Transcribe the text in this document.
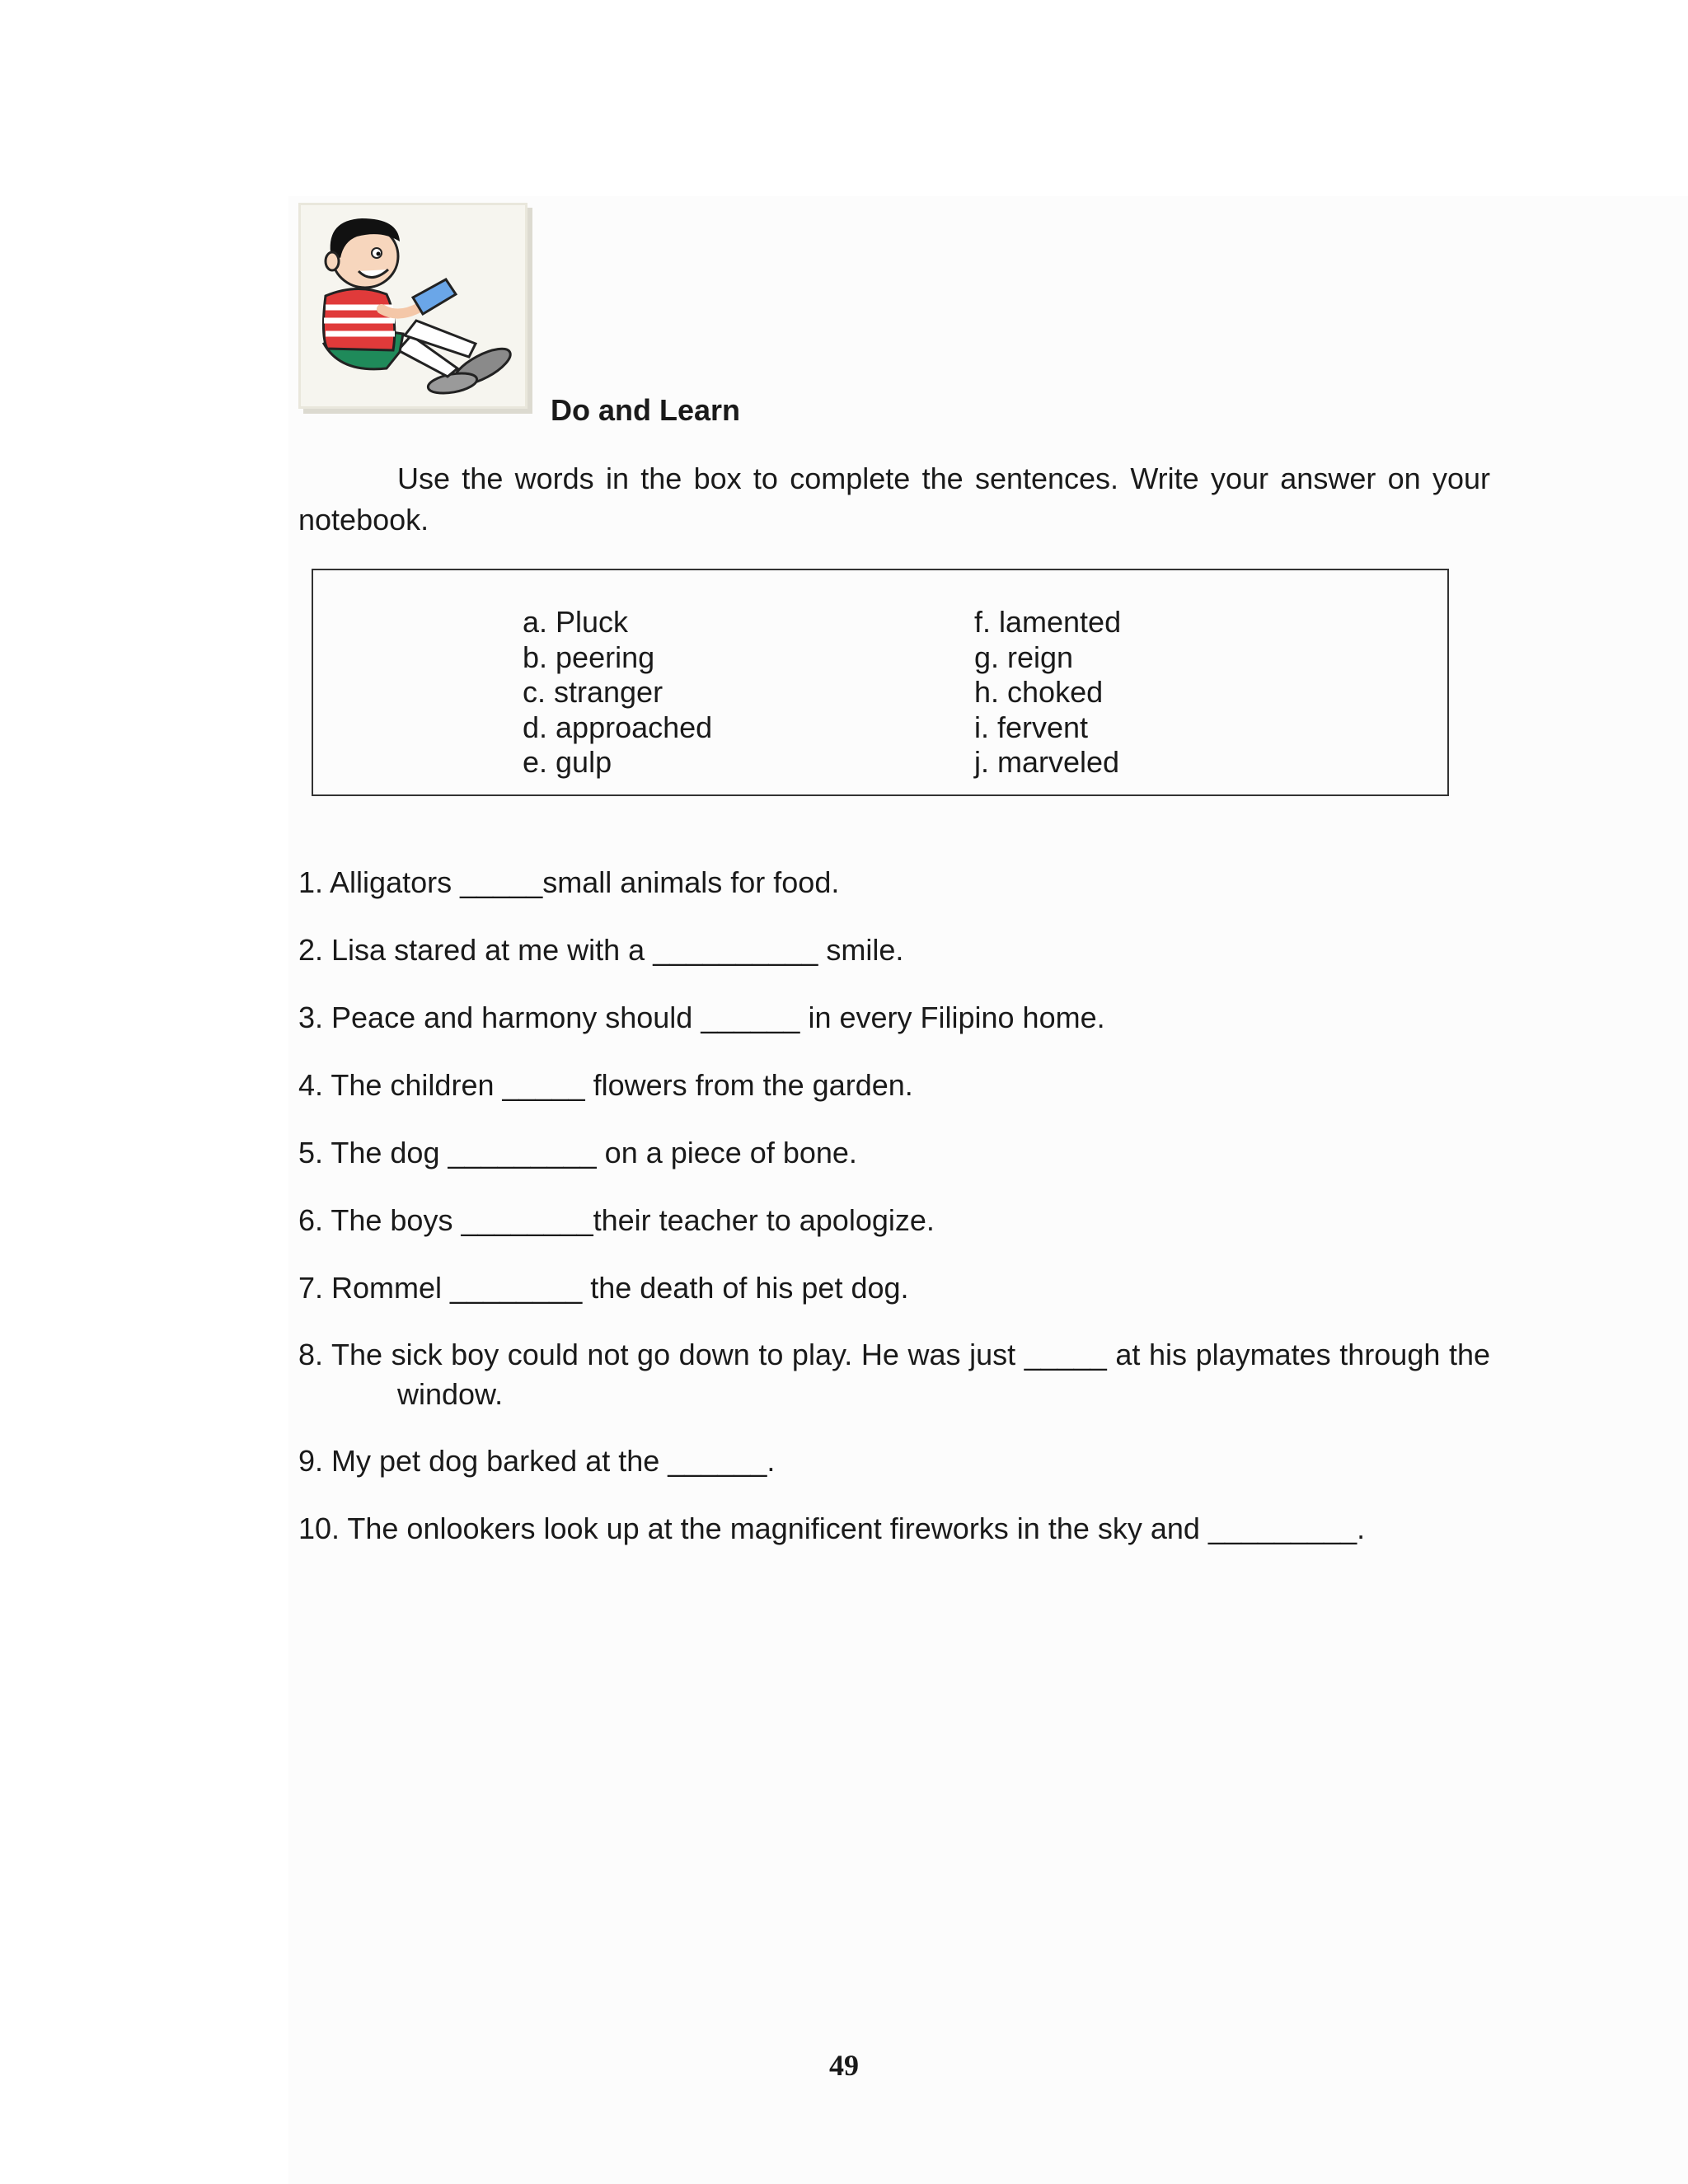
Do and Learn
Use the words in the box to complete the sentences. Write your answer on your notebook.
a. Pluck
b. peering
c. stranger
d. approached
e. gulp
f. lamented
g. reign
h. choked
i. fervent
j. marveled
1. Alligators _____small animals for food.
2. Lisa stared at me with a __________ smile.
3. Peace and harmony should ______ in every Filipino home.
4. The children _____ flowers from the garden.
5. The dog _________ on a piece of bone.
6. The boys ________their teacher to apologize.
7. Rommel ________ the death of his pet dog.
8. The sick boy could not go down to play. He was just _____ at his playmates through the window.
9. My pet dog barked at the ______.
10. The onlookers look up at the magnificent fireworks in the sky and _________.
49
